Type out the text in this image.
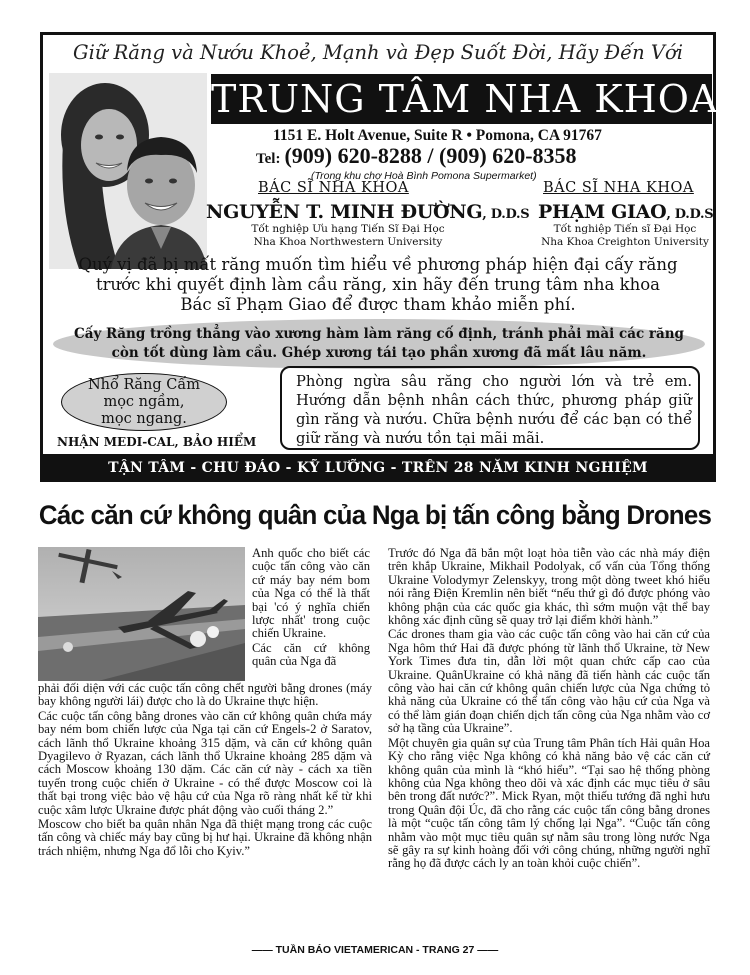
Giữ Răng và Nướu Khoẻ, Mạnh và Đẹp Suốt Đời, Hãy Đến Với
TRUNG TÂM NHA KHOA
1151 E. Holt Avenue, Suite R • Pomona, CA 91767
Tel: (909) 620-8288 / (909) 620-8358
(Trong khu chợ Hoà Bình Pomona Supermarket)
BÁC SĨ NHA KHOA
NGUYỄN T. MINH ĐƯỜNG, D.D.S
Tốt nghiệp Ưu hạng Tiến Sĩ Đại Học
Nha Khoa Northwestern University
BÁC SĨ NHA KHOA
PHẠM GIAO, D.D.S
Tốt nghiệp Tiến sĩ Đại Học
Nha Khoa Creighton University
Quý vị đã bị mất răng muốn tìm hiểu về phương pháp hiện đại cấy răng
trước khi quyết định làm cầu răng, xin hãy đến trung tâm nha khoa
Bác sĩ Phạm Giao để được tham khảo miễn phí.
Cấy Răng trồng thẳng vào xương hàm làm răng cố định, tránh phải mài các răng
còn tốt dùng làm cầu. Ghép xương tái tạo phần xương đã mất lâu năm.
Nhổ Răng Cấm
mọc ngầm,
mọc ngang.
NHẬN MEDI-CAL, BẢO HIỂM
Phòng ngừa sâu răng cho người lớn và trẻ em. Hướng dẫn bệnh nhân cách thức, phương pháp giữ gìn răng và nướu. Chữa bệnh nướu để các bạn có thể giữ răng và nướu tồn tại mãi mãi.
TẬN TÂM - CHU ĐÁO - KỸ LƯỠNG - TRÊN 28 NĂM KINH NGHIỆM
Các căn cứ không quân của Nga bị tấn công bằng Drones

Anh quốc cho biết các cuộc tấn công vào căn cứ máy bay ném bom của Nga có thể là thất bại 'có ý nghĩa chiến lược nhất' trong cuộc chiến Ukraine.

Các căn cứ không quân của Nga đã

phải đối diện với các cuộc tấn công chết người bằng drones (máy bay không người lái) được cho là do Ukraine thực hiện.

Các cuộc tấn công bằng drones vào căn cứ không quân chứa máy bay ném bom chiến lược của Nga tại căn cứ Engels-2 ở Saratov, cách lãnh thổ Ukraine khoảng 315 dặm, và căn cứ không quân Dyagilevo ở Ryazan, cách lãnh thổ Ukraine khoảng 285 dặm và cách Moscow khoảng 130 dặm. Các căn cứ này - cách xa tiền tuyến trong cuộc chiến ở Ukraine - có thể được Moscow coi là thất bại trong việc bảo vệ hậu cứ của Nga rõ ràng nhất kể từ khi cuộc xâm lược Ukraine được phát động vào cuối tháng 2.”

Moscow cho biết ba quân nhân Nga đã thiệt mạng trong các cuộc tấn công và chiếc máy bay cũng bị hư hại. Ukraine đã không nhận trách nhiệm, nhưng Nga đổ lỗi cho Kyiv.”

Trước đó Nga đã bắn một loạt hỏa tiễn vào các nhà máy điện trên khắp Ukraine, Mikhail Podolyak, cố vấn của Tổng thống Ukraine Volodymyr Zelenskyy, trong một dòng tweet khó hiểu nói rằng Điện Kremlin nên biết “nếu thứ gì đó được phóng vào không phận của các quốc gia khác, thì sớm muộn vật thể bay không xác định cũng sẽ quay trở lại điểm khởi hành.”

Các drones tham gia vào các cuộc tấn công vào hai căn cứ của Nga hôm thứ Hai đã được phóng từ lãnh thổ Ukraine, tờ New York Times đưa tin, dẫn lời một quan chức cấp cao của Ukraine. QuânUkraine có khả năng đã tiến hành các cuộc tấn công vào hai căn cứ không quân chiến lược của Nga chứng tỏ khả năng của Ukraine có thể tấn công vào hậu cứ của Nga và có thể làm gián đoạn chiến dịch tấn công của Nga nhằm vào cơ sở hạ tầng của Ukraine”.

Một chuyên gia quân sự của Trung tâm Phân tích Hải quân Hoa Kỳ cho rằng việc Nga không có khả năng bảo vệ các căn cứ không quân của mình là “khó hiểu”. “Tại sao hệ thống phòng không của Nga không theo dõi và xác định các mục tiêu ở sâu bên trong đất nước?”. Mick Ryan, một thiếu tướng đã nghỉ hưu trong Quân đội Úc, đã cho rằng các cuộc tấn công bằng drones là một “cuộc tấn công tâm lý chống lại Nga”. “Cuộc tấn công nhằm vào một mục tiêu quân sự nằm sâu trong lòng nước Nga sẽ gây ra sự kinh hoàng đối với công chúng, những người nghĩ rằng họ đã được cách ly an toàn khỏi cuộc chiến”.

—— TUẦN BÁO VIETAMERICAN - TRANG 27 ——
